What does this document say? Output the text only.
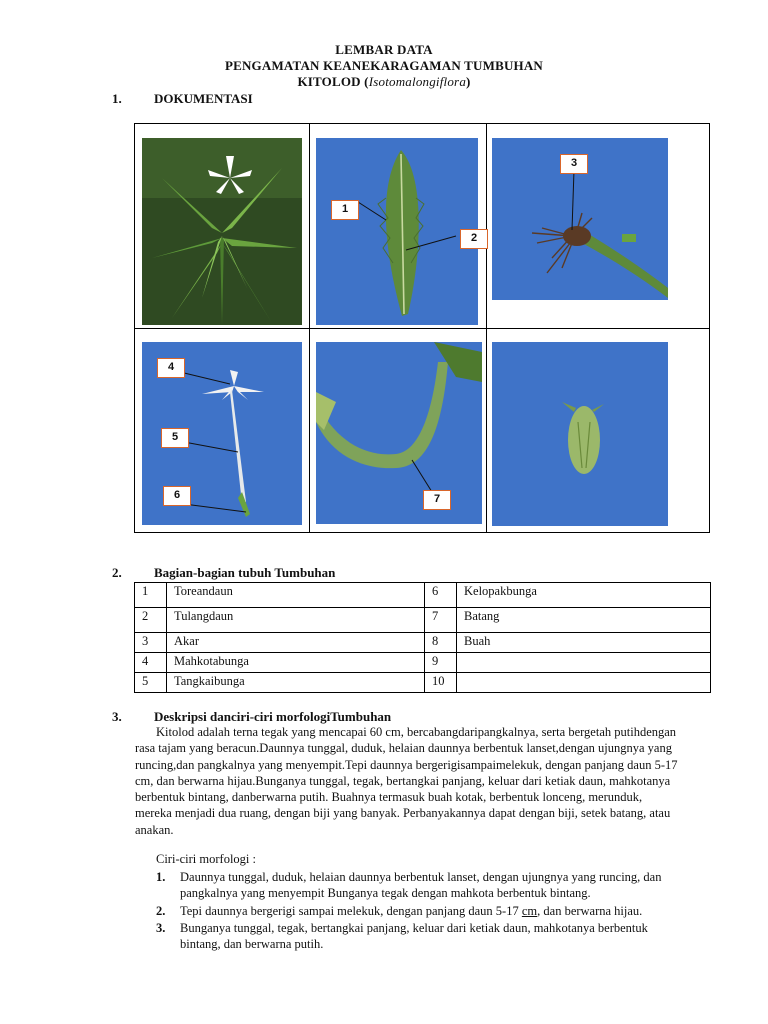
LEMBAR DATA
PENGAMATAN KEANEKARAGAMAN TUMBUHAN
KITOLOD (Isotomalongiflora)
1. DOKUMENTASI
1
2
3
4
5
6	7
2. Bagian-bagian tubuh Tumbuhan
1	Toreandaun	6	Kelopakbunga
2	Tulangdaun	7	Batang
3	Akar	8	Buah
4	Mahkotabunga	9	
5	Tangkaibunga	10	
3. Deskripsi danciri-ciri morfologiTumbuhan

Kitolod adalah terna tegak yang mencapai 60 cm, bercabangdaripangkalnya, serta bergetah putihdengan rasa tajam yang beracun.Daunnya tunggal, duduk, helaian daunnya berbentuk lanset,dengan ujungnya yang runcing,dan pangkalnya yang menyempit.Tepi daunnya bergerigisampaimelekuk, dengan panjang daun 5-17 cm, dan berwarna hijau.Bunganya tunggal, tegak, bertangkai panjang, keluar dari ketiak daun, mahkotanya berbentuk bintang, danberwarna putih. Buahnya termasuk buah kotak, berbentuk lonceng, merunduk, mereka menjadi dua ruang, dengan biji yang banyak. Perbanyakannya dapat dengan biji, setek batang, atau anakan.

Ciri-ciri morfologi :
1. Daunnya tunggal, duduk, helaian daunnya berbentuk lanset, dengan ujungnya yang runcing, dan pangkalnya yang menyempit Bunganya tegak dengan mahkota berbentuk bintang.
2. Tepi daunnya bergerigi sampai melekuk, dengan panjang daun 5-17 cm, dan berwarna hijau.
3. Bunganya tunggal, tegak, bertangkai panjang, keluar dari ketiak daun, mahkotanya berbentuk bintang, dan berwarna putih.
